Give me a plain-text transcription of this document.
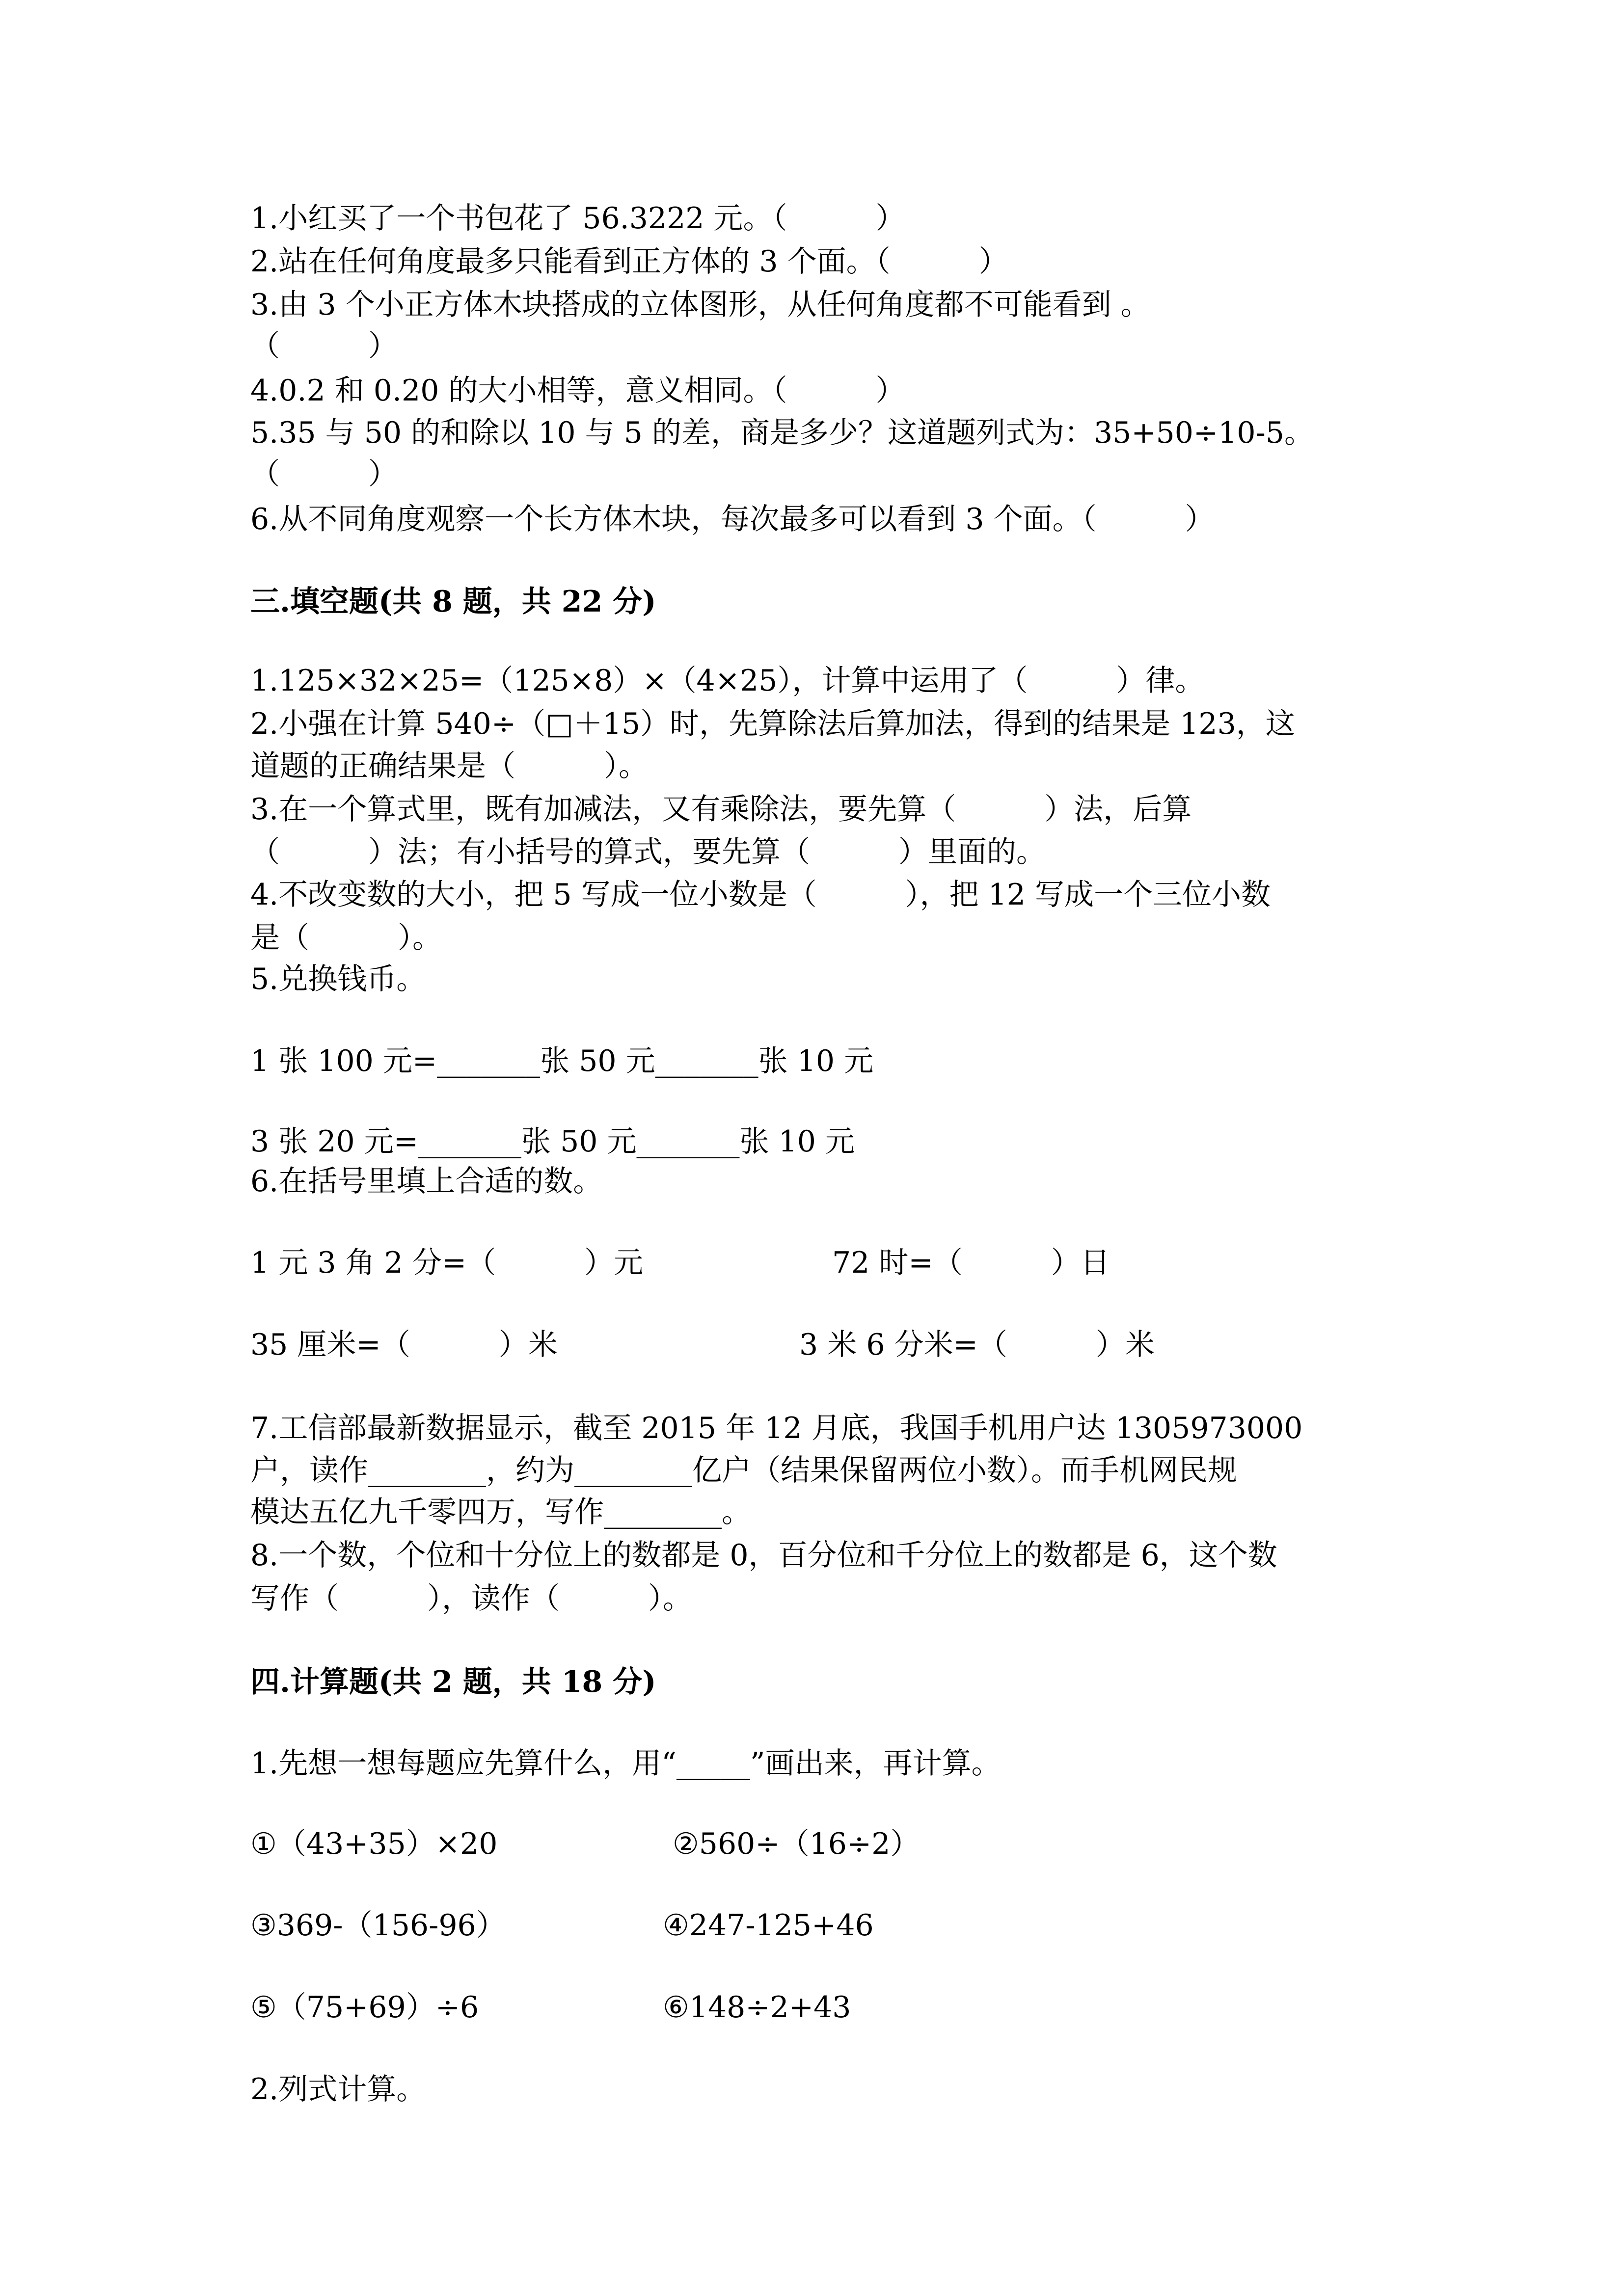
1.小红买了一个书包花了 56.3222 元。（　　　）

2.站在任何角度最多只能看到正方体的 3 个面。（　　　）

3.由 3 个小正方体木块搭成的立体图形，从任何角度都不可能看到 。

（　　　）

4.0.2 和 0.20 的大小相等，意义相同。（　　　）

5.35 与 50 的和除以 10 与 5 的差，商是多少？这道题列式为：35+50÷10-5。

（　　　）

6.从不同角度观察一个长方体木块，每次最多可以看到 3 个面。（　　　）

三.填空题(共 8 题，共 22 分)

1.125×32×25=（125×8）×（4×25），计算中运用了（　　　）律。

2.小强在计算 540÷（□＋15）时，先算除法后算加法，得到的结果是 123，这

道题的正确结果是（　　　）。

3.在一个算式里，既有加减法，又有乘除法，要先算（　　　）法，后算

（　　　）法；有小括号的算式，要先算（　　　）里面的。

4.不改变数的大小，把 5 写成一位小数是（　　　），把 12 写成一个三位小数

是（　　　）。

5.兑换钱币。

1 张 100 元=_______张 50 元_______张 10 元

3 张 20 元=_______张 50 元_______张 10 元

6.在括号里填上合适的数。

1 元 3 角 2 分=（　　　）元	72 时=（　　　）日

35 厘米=（　　　）米	3 米 6 分米=（　　　）米

7.工信部最新数据显示，截至 2015 年 12 月底，我国手机用户达 1305973000

户，读作________，约为________亿户（结果保留两位小数）。而手机网民规

模达五亿九千零四万，写作________。

8.一个数，个位和十分位上的数都是 0，百分位和千分位上的数都是 6，这个数

写作（　　　），读作（　　　）。

四.计算题(共 2 题，共 18 分)

1.先想一想每题应先算什么，用“_____”画出来，再计算。

①（43+35）×20	②560÷（16÷2）

③369-（156-96）	④247-125+46

⑤（75+69）÷6	⑥148÷2+43

2.列式计算。
